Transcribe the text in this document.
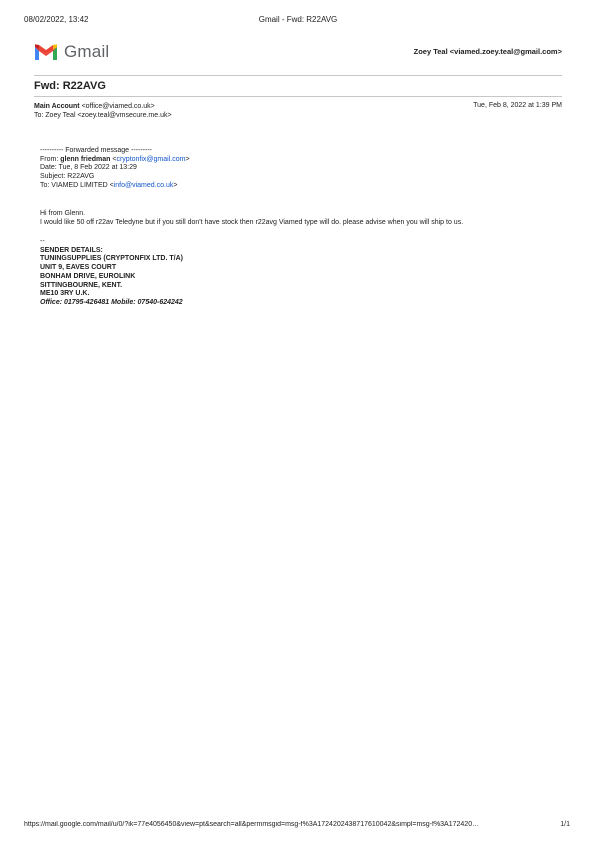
08/02/2022, 13:42	Gmail - Fwd: R22AVG
Gmail	Zoey Teal <viamed.zoey.teal@gmail.com>
Fwd: R22AVG
Main Account <office@viamed.co.uk>
To: Zoey Teal <zoey.teal@vmsecure.me.uk>
Tue, Feb 8, 2022 at 1:39 PM
---------- Forwarded message ---------
From: glenn friedman <cryptonfix@gmail.com>
Date: Tue, 8 Feb 2022 at 13:29
Subject: R22AVG
To: VIAMED LIMITED <info@viamed.co.uk>
Hi from Glenn.
I would like 50 off r22av Teledyne but if you still don't have stock then r22avg Viamed type will do. please advise when you will ship to us.
--
SENDER DETAILS:
TUNINGSUPPLIES (CRYPTONFIX LTD. T/A)
UNIT 9, EAVES COURT
BONHAM DRIVE, EUROLINK
SITTINGBOURNE, KENT.
ME10 3RY U.K.
Office: 01795-426481 Mobile: 07540-624242
https://mail.google.com/mail/u/0/?ik=77e4056450&view=pt&search=all&permmsgid=msg-f%3A1724202438717610042&simpl=msg-f%3A172420…	1/1
